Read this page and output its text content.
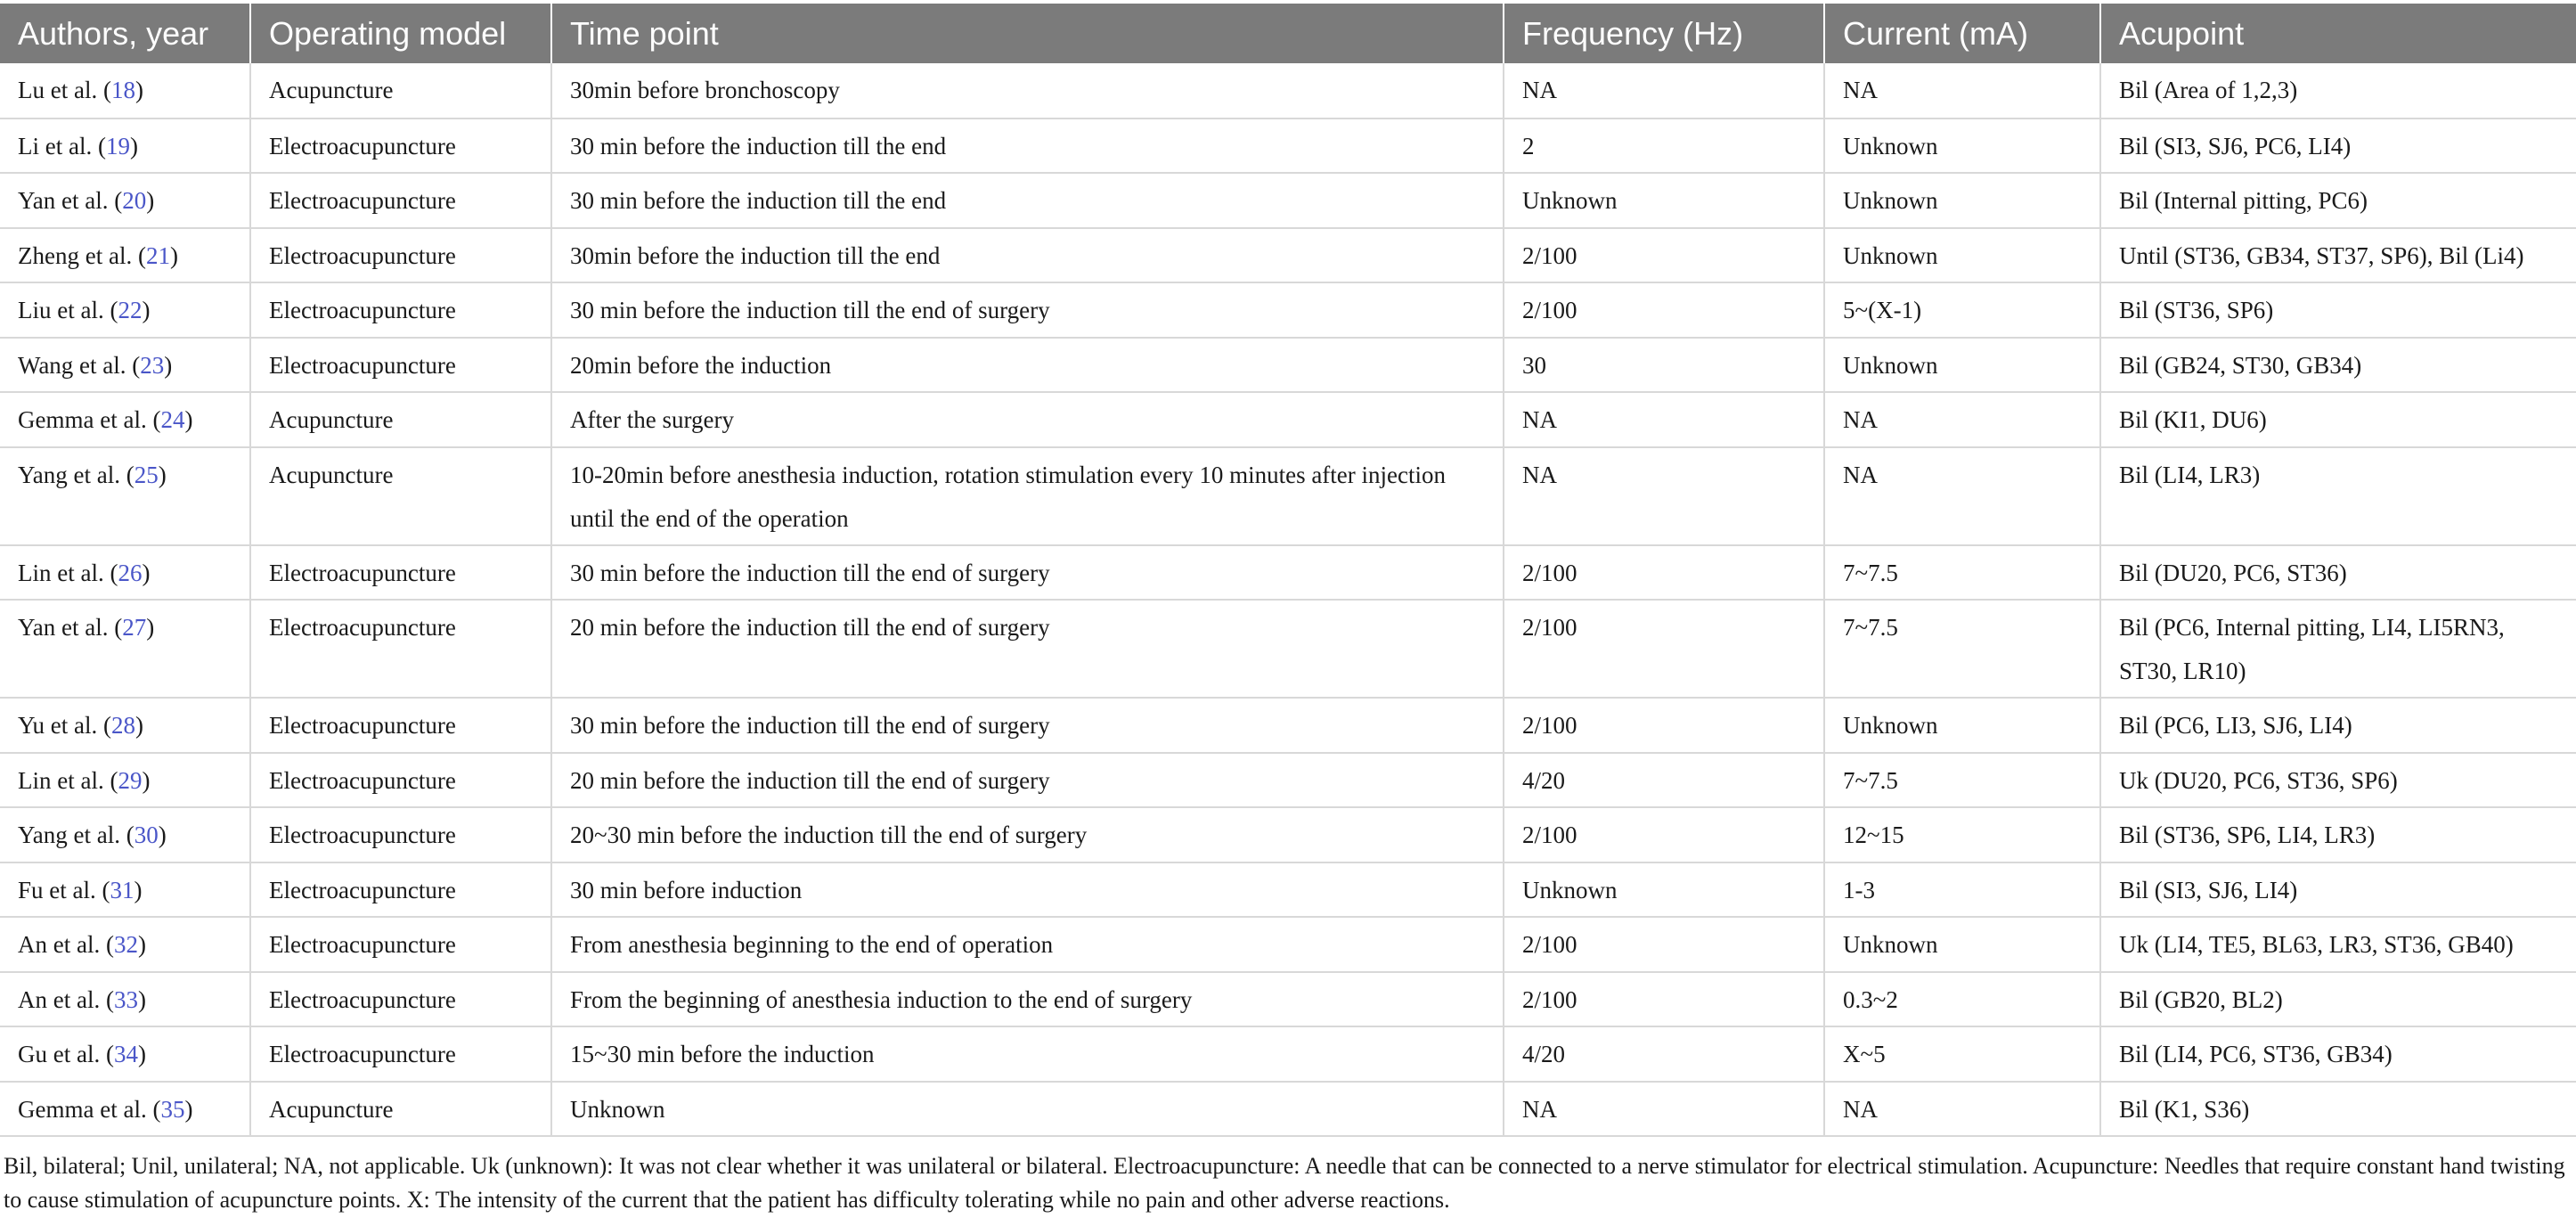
Authors, year	Operating model	Time point	Frequency (Hz)	Current (mA)	Acupoint
Lu et al. (18)	Acupuncture	30min before bronchoscopy	NA	NA	Bil (Area of 1,2,3)
Li et al. (19)	Electroacupuncture	30 min before the induction till the end	2	Unknown	Bil (SI3, SJ6, PC6, LI4)
Yan et al. (20)	Electroacupuncture	30 min before the induction till the end	Unknown	Unknown	Bil (Internal pitting, PC6)
Zheng et al. (21)	Electroacupuncture	30min before the induction till the end	2/100	Unknown	Until (ST36, GB34, ST37, SP6), Bil (Li4)
Liu et al. (22)	Electroacupuncture	30 min before the induction till the end of surgery	2/100	5~(X-1)	Bil (ST36, SP6)
Wang et al. (23)	Electroacupuncture	20min before the induction	30	Unknown	Bil (GB24, ST30, GB34)
Gemma et al. (24)	Acupuncture	After the surgery	NA	NA	Bil (KI1, DU6)
Yang et al. (25)	Acupuncture	10-20min before anesthesia induction, rotation stimulation every 10 minutes after injection until the end of the operation	NA	NA	Bil (LI4, LR3)
Lin et al. (26)	Electroacupuncture	30 min before the induction till the end of surgery	2/100	7~7.5	Bil (DU20, PC6, ST36)
Yan et al. (27)	Electroacupuncture	20 min before the induction till the end of surgery	2/100	7~7.5	Bil (PC6, Internal pitting, LI4, LI5RN3, ST30, LR10)
Yu et al. (28)	Electroacupuncture	30 min before the induction till the end of surgery	2/100	Unknown	Bil (PC6, LI3, SJ6, LI4)
Lin et al. (29)	Electroacupuncture	20 min before the induction till the end of surgery	4/20	7~7.5	Uk (DU20, PC6, ST36, SP6)
Yang et al. (30)	Electroacupuncture	20~30 min before the induction till the end of surgery	2/100	12~15	Bil (ST36, SP6, LI4, LR3)
Fu et al. (31)	Electroacupuncture	30 min before induction	Unknown	1-3	Bil (SI3, SJ6, LI4)
An et al. (32)	Electroacupuncture	From anesthesia beginning to the end of operation	2/100	Unknown	Uk (LI4, TE5, BL63, LR3, ST36, GB40)
An et al. (33)	Electroacupuncture	From the beginning of anesthesia induction to the end of surgery	2/100	0.3~2	Bil (GB20, BL2)
Gu et al. (34)	Electroacupuncture	15~30 min before the induction	4/20	X~5	Bil (LI4, PC6, ST36, GB34)
Gemma et al. (35)	Acupuncture	Unknown	NA	NA	Bil (K1, S36)
Bil, bilateral; Unil, unilateral; NA, not applicable. Uk (unknown): It was not clear whether it was unilateral or bilateral. Electroacupuncture: A needle that can be connected to a nerve stimulator for electrical stimulation. Acupuncture: Needles that require constant hand twisting to cause stimulation of acupuncture points. X: The intensity of the current that the patient has difficulty tolerating while no pain and other adverse reactions.
